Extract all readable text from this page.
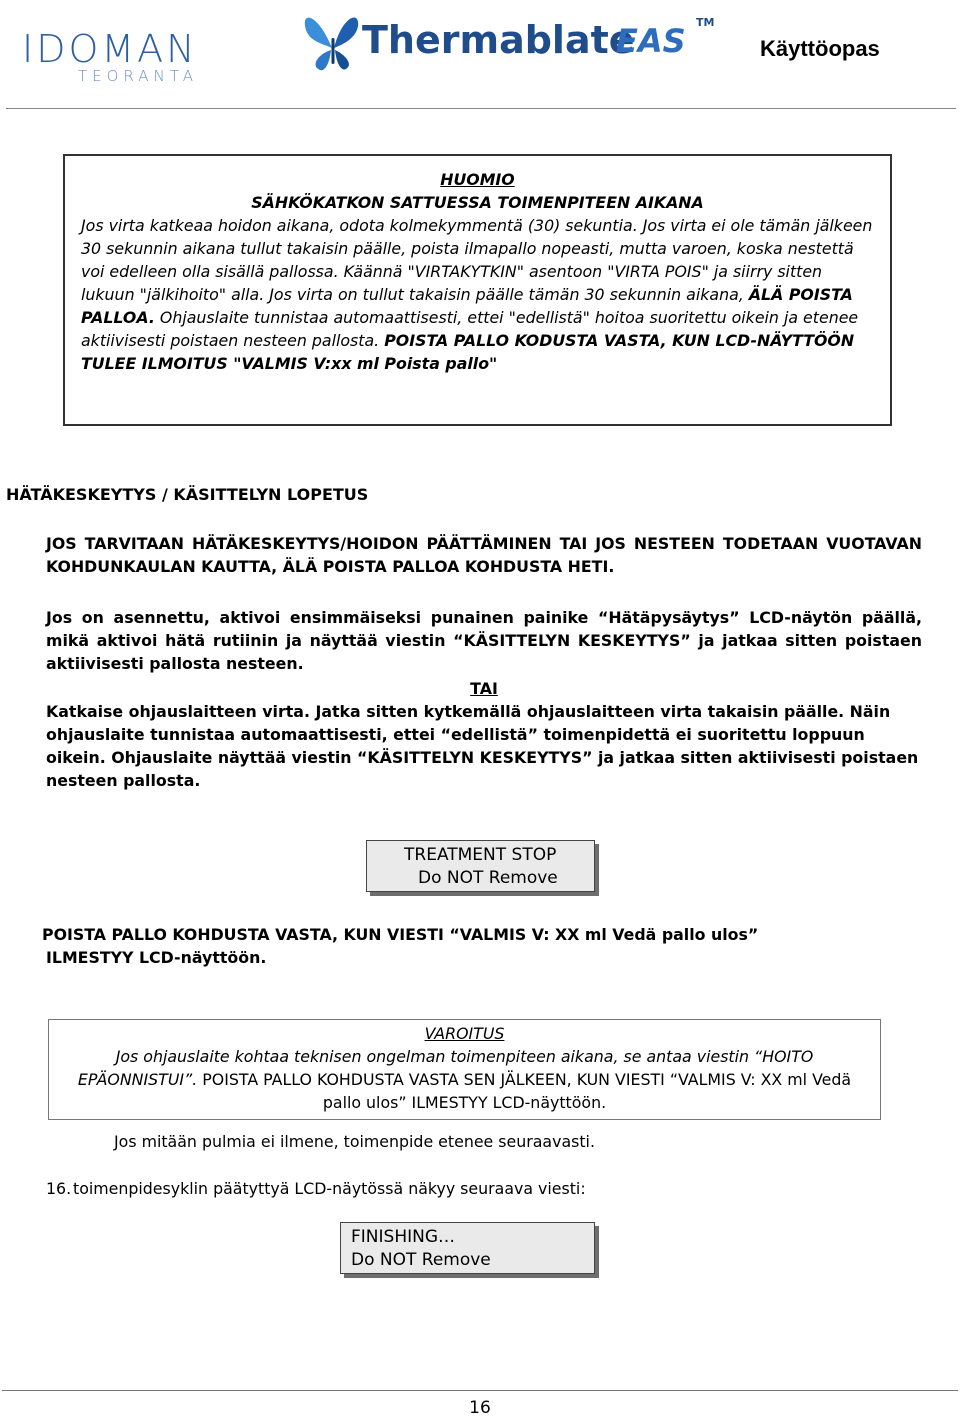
IDOMAN
TEORANTA
Thermablate
EAS TM
Käyttöopas
HUOMIO
SÄHKÖKATKON SATTUESSA TOIMENPITEEN AIKANA

Jos virta katkeaa hoidon aikana, odota kolmekymmentä (30) sekuntia. Jos virta ei ole tämän jälkeen 30 sekunnin aikana tullut takaisin päälle, poista ilmapallo nopeasti, mutta varoen, koska nestettä voi edelleen olla sisällä pallossa. Käännä "VIRTAKYTKIN" asentoon "VIRTA POIS" ja siirry sitten lukuun "jälkihoito" alla. Jos virta on tullut takaisin päälle tämän 30 sekunnin aikana, ÄLÄ POISTA PALLOA. Ohjauslaite tunnistaa automaattisesti, ettei "edellistä" hoitoa suoritettu oikein ja etenee aktiivisesti poistaen nesteen pallosta. POISTA PALLO KODUSTA VASTA, KUN LCD-NÄYTTÖÖN TULEE ILMOITUS "VALMIS V:xx ml Poista pallo"

HÄTÄKESKEYTYS / KÄSITTELYN LOPETUS
JOS TARVITAAN HÄTÄKESKEYTYS/HOIDON PÄÄTTÄMINEN TAI JOS NESTEEN TODETAAN VUOTAVAN KOHDUNKAULAN KAUTTA, ÄLÄ POISTA PALLOA KOHDUSTA HETI.
Jos on asennettu, aktivoi ensimmäiseksi punainen painike “Hätäpysäytys” LCD-näytön päällä, mikä aktivoi hätä rutiinin ja näyttää viestin “KÄSITTELYN KESKEYTYS” ja jatkaa sitten poistaen aktiivisesti pallosta nesteen.
TAI
Katkaise ohjauslaitteen virta. Jatka sitten kytkemällä ohjauslaitteen virta takaisin päälle. Näin ohjauslaite tunnistaa automaattisesti, ettei “edellistä” toimenpidettä ei suoritettu loppuun oikein. Ohjauslaite näyttää viestin “KÄSITTELYN KESKEYTYS” ja jatkaa sitten aktiivisesti poistaen nesteen pallosta.
TREATMENT STOP
Do NOT Remove
POISTA PALLO KOHDUSTA VASTA, KUN VIESTI “VALMIS V: XX ml Vedä pallo ulos”
ILMESTYY LCD-näyttöön.
VAROITUS
Jos ohjauslaite kohtaa teknisen ongelman toimenpiteen aikana, se antaa viestin “HOITO EPÄONNISTUI”. POISTA PALLO KOHDUSTA VASTA SEN JÄLKEEN, KUN VIESTI “VALMIS V: XX ml Vedä pallo ulos” ILMESTYY LCD-näyttöön.
Jos mitään pulmia ei ilmene, toimenpide etenee seuraavasti.
16. toimenpidesyklin päätyttyä LCD-näytössä näkyy seuraava viesti:
FINISHING…
Do NOT Remove
16
